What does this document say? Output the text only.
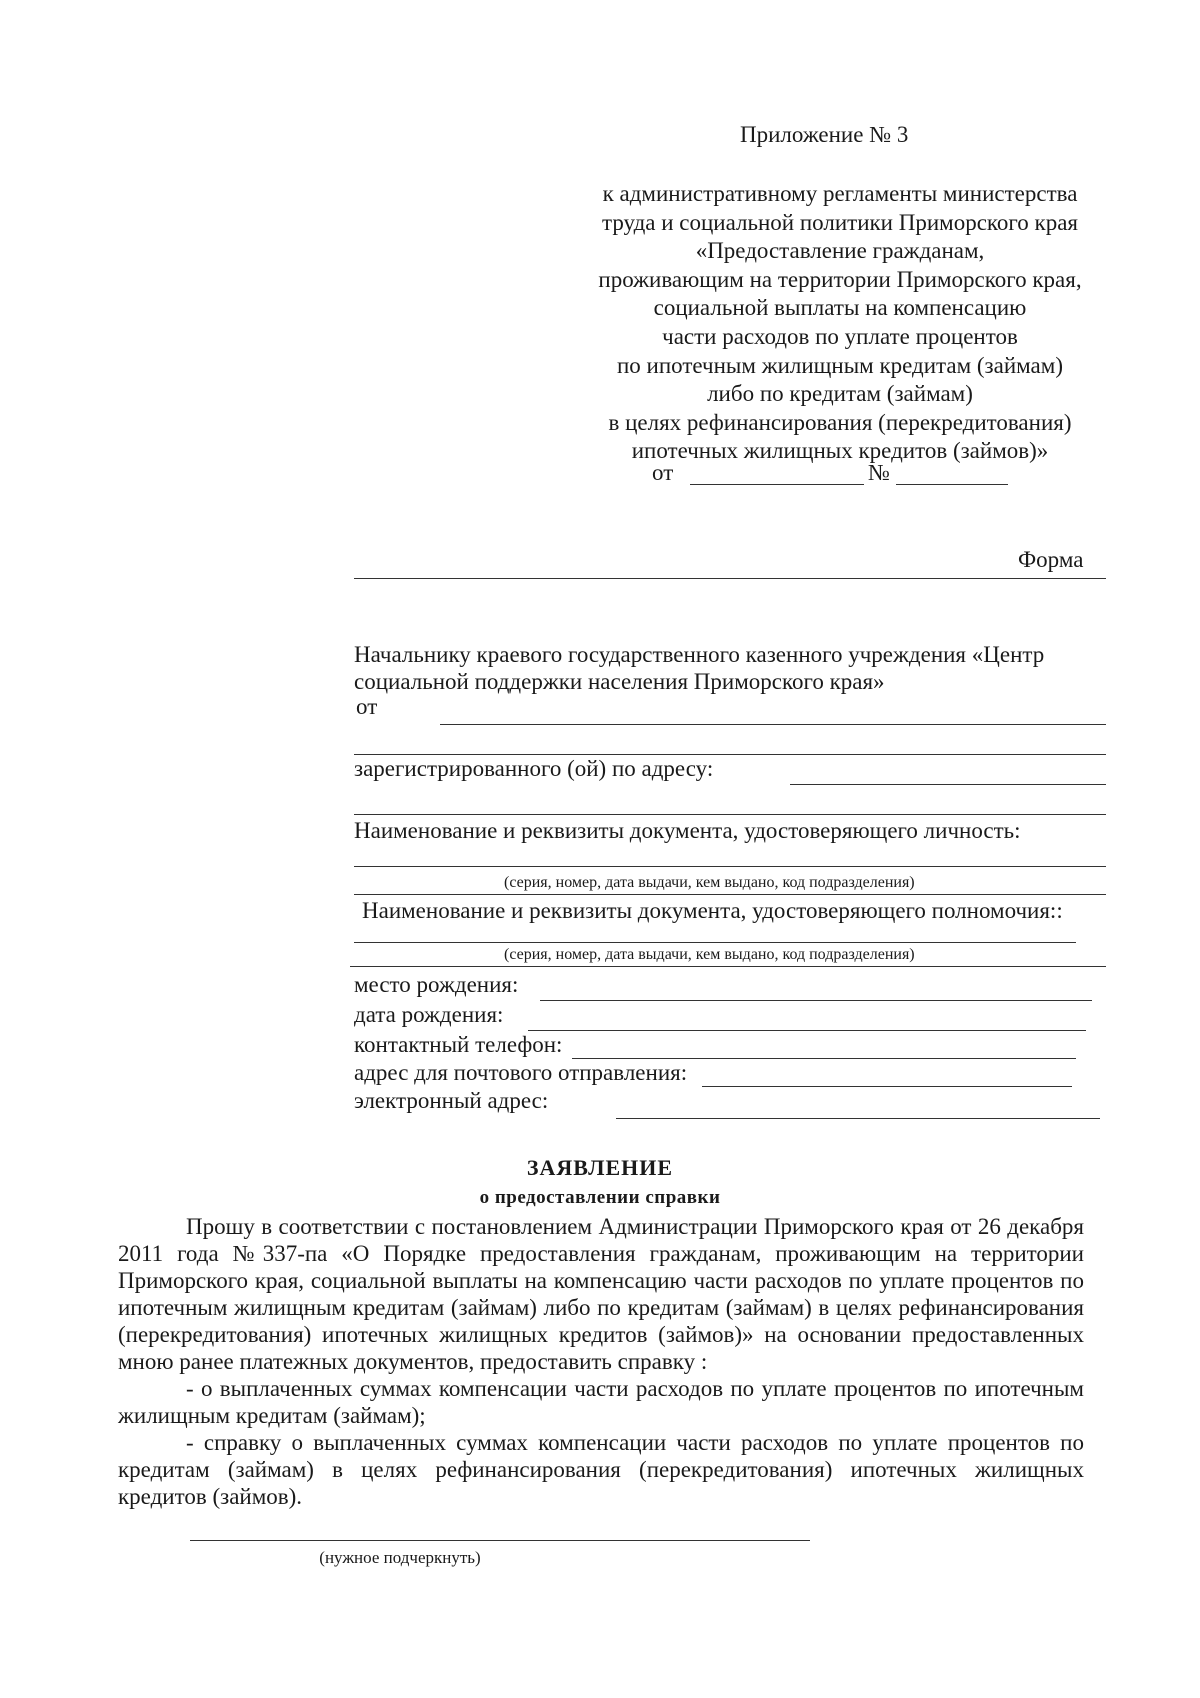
Приложение № 3
к административному регламенты министерства
труда и социальной политики Приморского края
«Предоставление гражданам,
проживающим на территории Приморского края,
социальной выплаты на компенсацию
части расходов по уплате процентов
по ипотечным жилищным кредитам (займам)
либо по кредитам (займам)
в целях рефинансирования (перекредитования)
ипотечных жилищных кредитов (займов)»
от	№
Форма
Начальнику краевого государственного казенного учреждения «Центр
социальной поддержки населения Приморского края»
от
зарегистрированного (ой) по адресу:
Наименование и реквизиты документа, удостоверяющего личность:
(серия, номер, дата выдачи, кем выдано, код подразделения)
Наименование и реквизиты документа, удостоверяющего полномочия::
(серия, номер, дата выдачи, кем выдано, код подразделения)
место рождения:
дата рождения:
контактный телефон:
адрес для почтового отправления:
электронный адрес:
ЗАЯВЛЕНИЕ
о предоставлении справки

Прошу в соответствии с постановлением Администрации Приморского края от 26 декабря 2011 года №337-па «О Порядке предоставления гражданам, проживающим на территории Приморского края, социальной выплаты на компенсацию части расходов по уплате процентов по ипотечным жилищным кредитам (займам) либо по кредитам (займам) в целях рефинансирования (перекредитования) ипотечных жилищных кредитов (займов)» на основании предоставленных мною ранее платежных документов, предоставить справку :

- о выплаченных суммах компенсации части расходов по уплате процентов по ипотечным жилищным кредитам (займам);

- справку о выплаченных суммах компенсации части расходов по уплате процентов по кредитам (займам) в целях рефинансирования (перекредитования) ипотечных жилищных кредитов (займов).

(нужное подчеркнуть)
